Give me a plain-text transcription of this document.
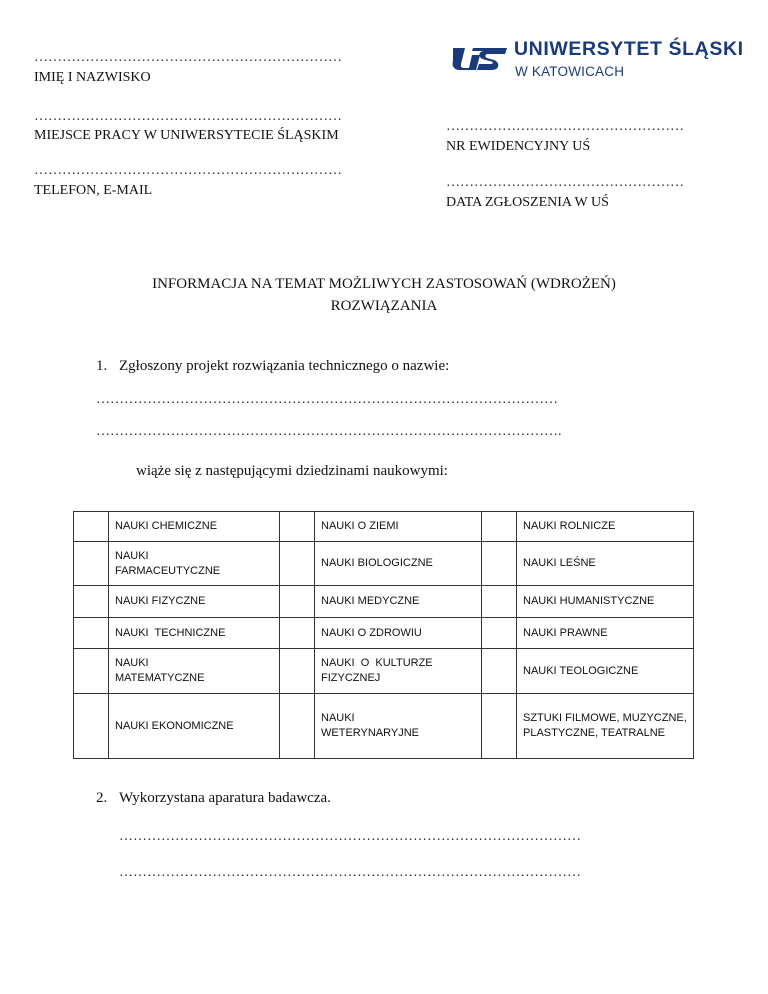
…………………………………………………………
IMIĘ I NAZWISKO
…………………………………………………………
MIEJSCE PRACY W UNIWERSYTECIE ŚLĄSKIM
…………………………………………………………
TELEFON, E-MAIL
UNIWERSYTET ŚLĄSKI
W KATOWICACH
……………………………………………
NR EWIDENCYJNY UŚ
……………………………………………
DATA ZGŁOSZENIA W UŚ
INFORMACJA NA TEMAT MOŻLIWYCH ZASTOSOWAŃ (WDROŻEŃ)
ROZWIĄZANIA
1. Zgłoszony projekt rozwiązania technicznego o nazwie:
………………………………………………………………………………………
……………………………………………………………………………………….
wiąże się z następującymi dziedzinami naukowymi:
	NAUKI CHEMICZNE		NAUKI O ZIEMI		NAUKI ROLNICZE
	NAUKI FARMACEUTYCZNE		NAUKI BIOLOGICZNE		NAUKI LEŚNE
	NAUKI FIZYCZNE		NAUKI MEDYCZNE		NAUKI HUMANISTYCZNE
	NAUKI  TECHNICZNE		NAUKI O ZDROWIU		NAUKI PRAWNE
	NAUKI MATEMATYCZNE		NAUKI  O  KULTURZE FIZYCZNEJ		NAUKI TEOLOGICZNE
	NAUKI EKONOMICZNE		NAUKI WETERYNARYJNE		SZTUKI FILMOWE, MUZYCZNE, PLASTYCZNE, TEATRALNE
2. Wykorzystana aparatura badawcza.
………………………………………………………………………………………
………………………………………………………………………………………
